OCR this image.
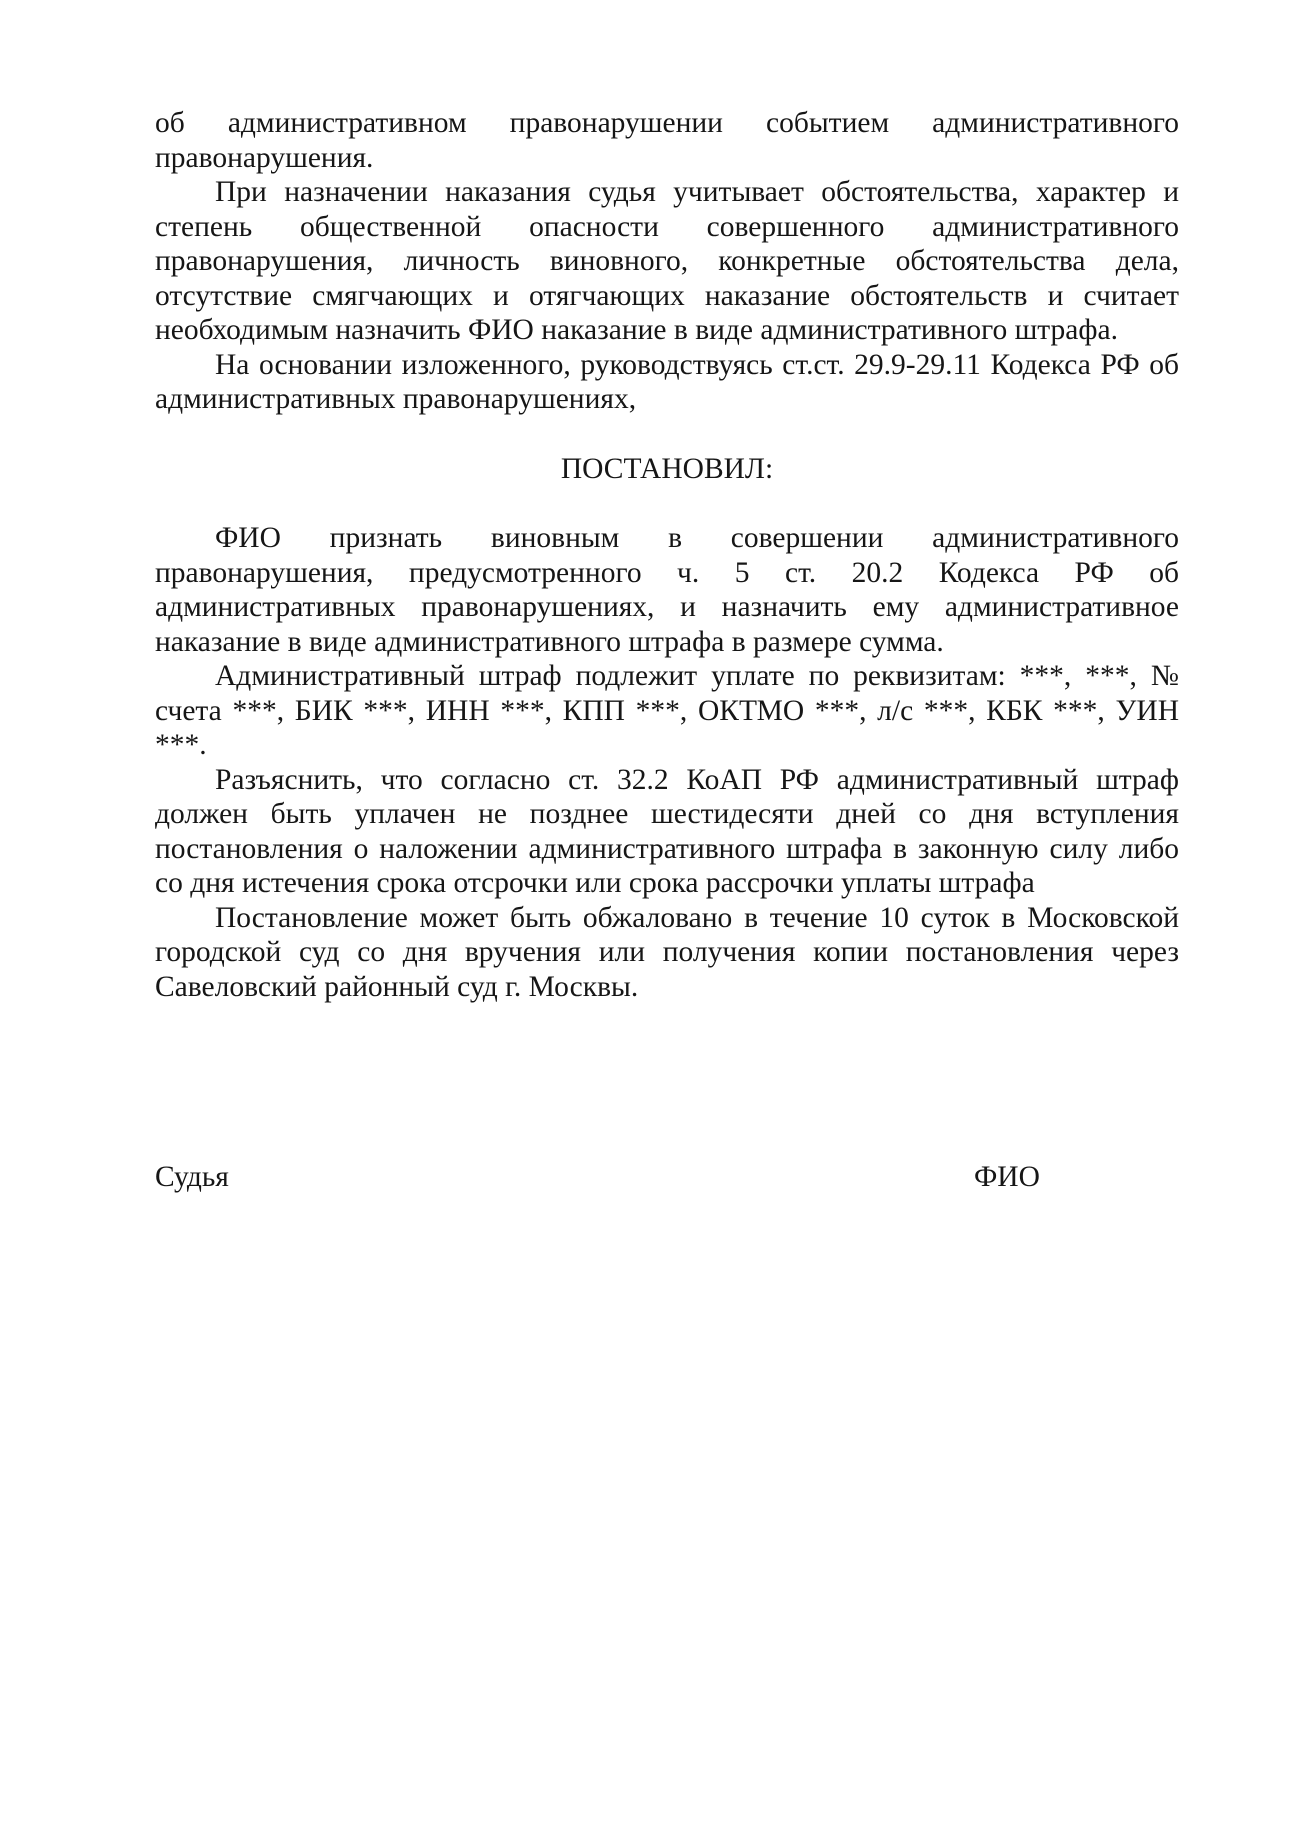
об административном правонарушении событием административного правонарушения.

При назначении наказания судья учитывает обстоятельства, характер и степень общественной опасности совершенного административного правонарушения, личность виновного, конкретные обстоятельства дела, отсутствие смягчающих и отягчающих наказание обстоятельств и считает необходимым назначить ФИО наказание в виде административного штрафа.

На основании изложенного, руководствуясь ст.ст. 29.9-29.11 Кодекса РФ об административных правонарушениях,

ПОСТАНОВИЛ:

ФИО признать виновным в совершении административного правонарушения, предусмотренного ч. 5 ст. 20.2 Кодекса РФ об административных правонарушениях, и назначить ему административное наказание в виде административного штрафа в размере сумма.

Административный штраф подлежит уплате по реквизитам: ***, ***, № счета ***, БИК ***, ИНН ***, КПП ***, ОКТМО ***, л/с ***, КБК ***, УИН ***.

Разъяснить, что согласно ст. 32.2 КоАП РФ административный штраф должен быть уплачен не позднее шестидесяти дней со дня вступления постановления о наложении административного штрафа в законную силу либо со дня истечения срока отсрочки или срока рассрочки уплаты штрафа

Постановление может быть обжаловано в течение 10 суток в Московской городской суд со дня вручения или получения копии постановления через Савеловский районный суд г. Москвы.

Судья	ФИО
